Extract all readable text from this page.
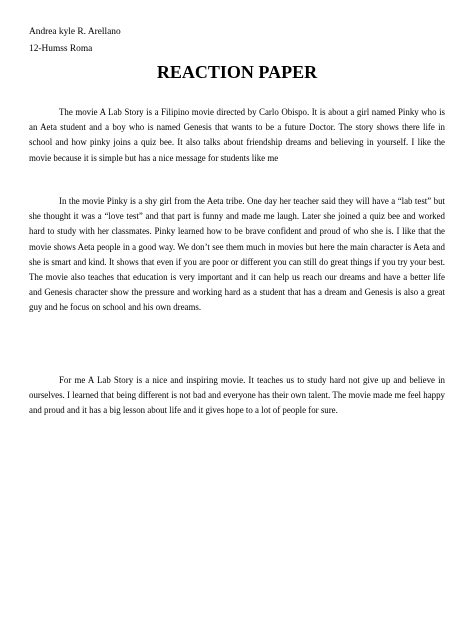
Andrea kyle R. Arellano
12-Humss Roma
REACTION PAPER

The movie A Lab Story is a Filipino movie directed by Carlo Obispo. It is about a girl named Pinky who is an Aeta student and a boy who is named Genesis that wants to be a future Doctor. The story shows there life in school and how pinky joins a quiz bee. It also talks about friendship dreams and believing in yourself. I like the movie because it is simple but has a nice message for students like me

In the movie Pinky is a shy girl from the Aeta tribe. One day her teacher said they will have a “lab test” but she thought it was a “love test” and that part is funny and made me laugh. Later she joined a quiz bee and worked hard to study with her classmates. Pinky learned how to be brave confident and proud of who she is. I like that the movie shows Aeta people in a good way. We don’t see them much in movies but here the main character is Aeta and she is smart and kind. It shows that even if you are poor or different you can still do great things if you try your best. The movie also teaches that education is very important and it can help us reach our dreams and have a better life and Genesis character show the pressure and working hard as a student that has a dream and Genesis is also a great guy and he focus on school and his own dreams.

For me A Lab Story is a nice and inspiring movie. It teaches us to study hard not give up and believe in ourselves. I learned that being different is not bad and everyone has their own talent. The movie made me feel happy and proud and it has a big lesson about life and it gives hope to a lot of people for sure.
